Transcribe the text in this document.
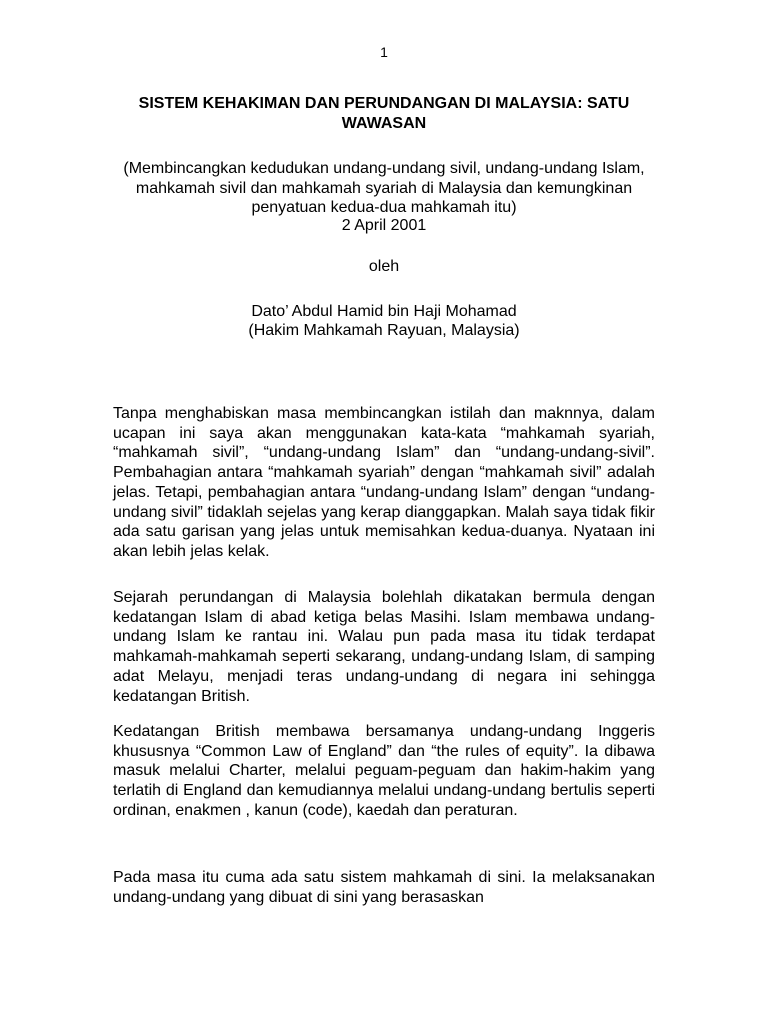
1
SISTEM KEHAKIMAN DAN PERUNDANGAN DI MALAYSIA: SATU WAWASAN
(Membincangkan kedudukan undang-undang sivil, undang-undang Islam, mahkamah sivil dan mahkamah syariah di Malaysia dan kemungkinan penyatuan kedua-dua mahkamah itu)
2 April 2001
oleh
Dato’ Abdul Hamid bin Haji Mohamad
(Hakim Mahkamah Rayuan, Malaysia)

Tanpa menghabiskan masa membincangkan istilah dan maknnya, dalam ucapan ini saya akan menggunakan kata-kata “mahkamah syariah, “mahkamah sivil”, “undang-undang Islam” dan “undang-undang-sivil”. Pembahagian antara “mahkamah syariah” dengan “mahkamah sivil” adalah jelas. Tetapi, pembahagian antara “undang-undang Islam” dengan “undang-undang sivil” tidaklah sejelas yang kerap dianggapkan. Malah saya tidak fikir ada satu garisan yang jelas untuk memisahkan kedua-duanya. Nyataan ini akan lebih jelas kelak.

Sejarah perundangan di Malaysia bolehlah dikatakan bermula dengan kedatangan Islam di abad ketiga belas Masihi. Islam membawa undang-undang Islam ke rantau ini. Walau pun pada masa itu tidak terdapat mahkamah-mahkamah seperti sekarang, undang-undang Islam, di samping adat Melayu, menjadi teras undang-undang di negara ini sehingga kedatangan British.

Kedatangan British membawa bersamanya undang-undang Inggeris khususnya “Common Law of England” dan “the rules of equity”. Ia dibawa masuk melalui Charter, melalui peguam-peguam dan hakim-hakim yang terlatih di England dan kemudiannya melalui undang-undang bertulis seperti ordinan, enakmen , kanun (code), kaedah dan peraturan.

Pada masa itu cuma ada satu sistem mahkamah di sini. Ia melaksanakan undang-undang yang dibuat di sini yang berasaskan
